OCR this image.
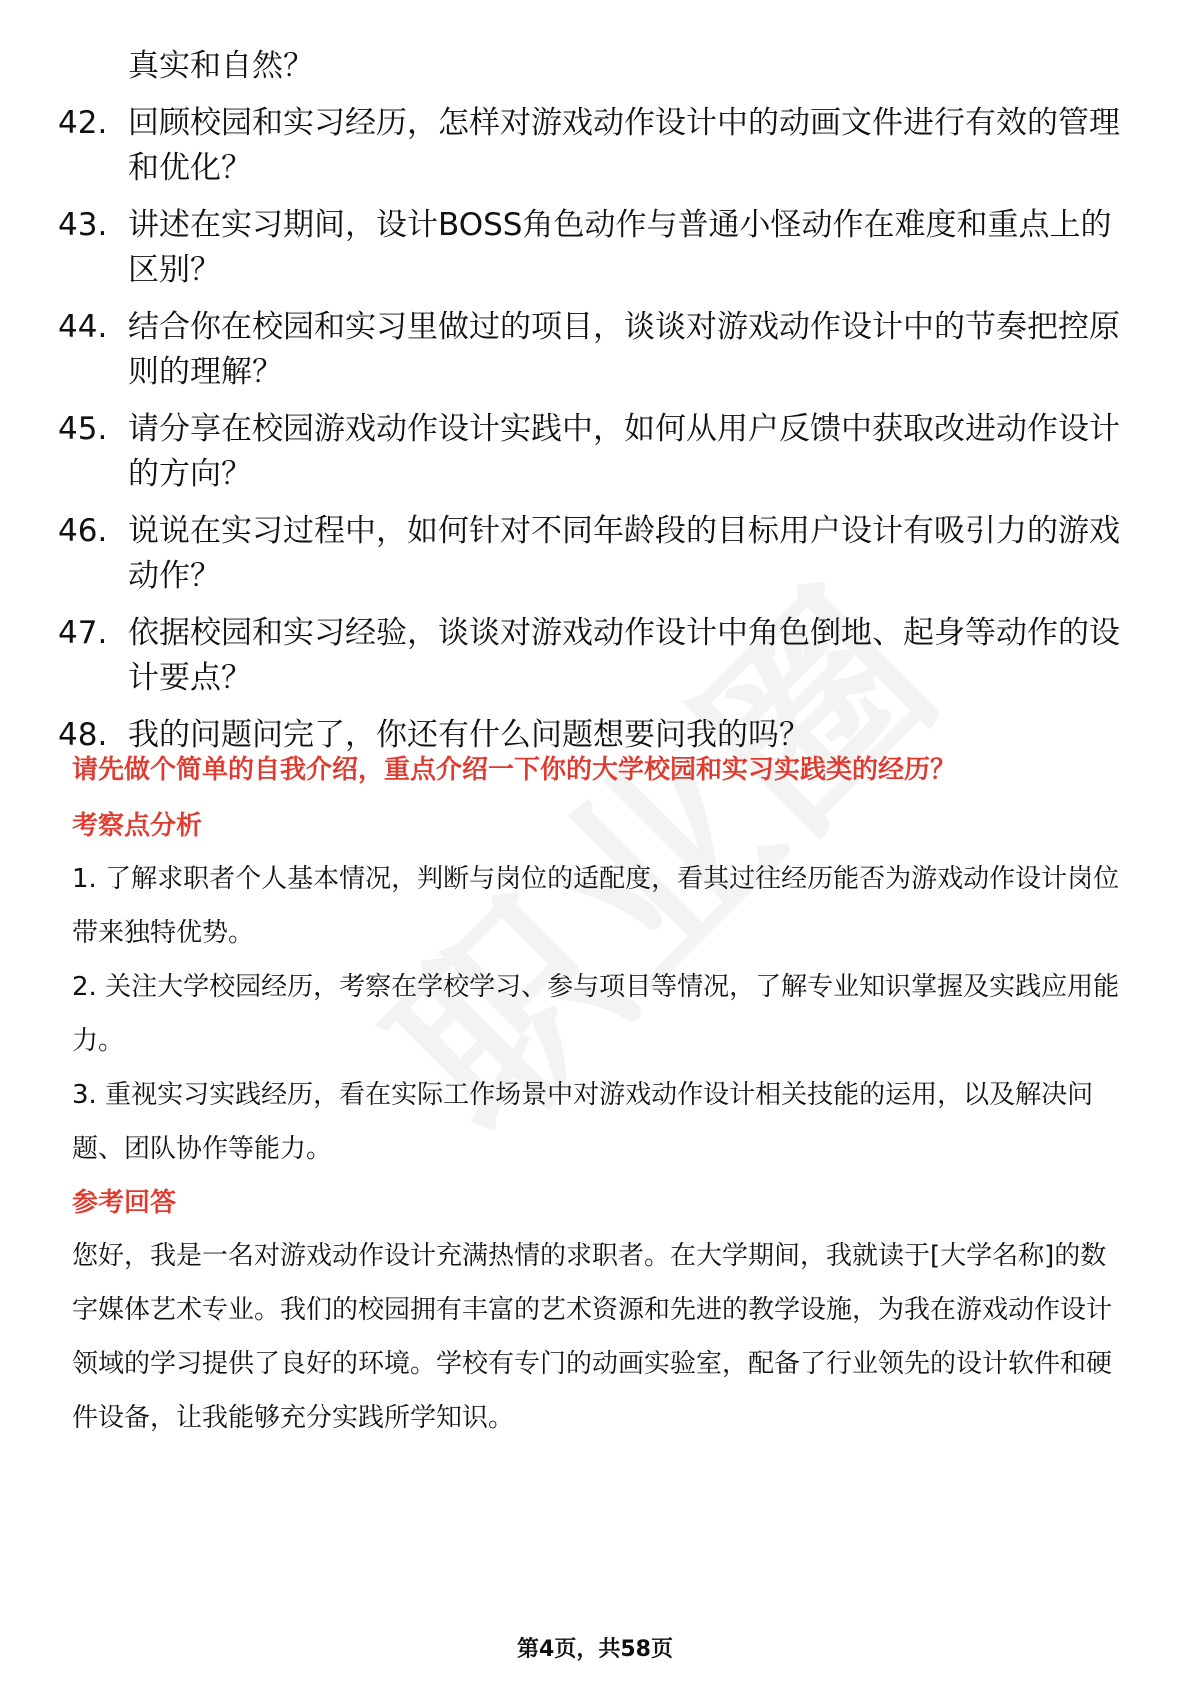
真实和自然？
42. 回顾校园和实习经历，怎样对游戏动作设计中的动画文件进行有效的管理和优化？
43. 讲述在实习期间，设计BOSS角色动作与普通小怪动作在难度和重点上的区别？
44. 结合你在校园和实习里做过的项目，谈谈对游戏动作设计中的节奏把控原则的理解？
45. 请分享在校园游戏动作设计实践中，如何从用户反馈中获取改进动作设计的方向？
46. 说说在实习过程中，如何针对不同年龄段的目标用户设计有吸引力的游戏动作？
47. 依据校园和实习经验，谈谈对游戏动作设计中角色倒地、起身等动作的设计要点？
48. 我的问题问完了，你还有什么问题想要问我的吗？
请先做个简单的自我介绍，重点介绍一下你的大学校园和实习实践类的经历？
考察点分析
1. 了解求职者个人基本情况，判断与岗位的适配度，看其过往经历能否为游戏动作设计岗位带来独特优势。
2. 关注大学校园经历，考察在学校学习、参与项目等情况，了解专业知识掌握及实践应用能力。
3. 重视实习实践经历，看在实际工作场景中对游戏动作设计相关技能的运用，以及解决问题、团队协作等能力。
参考回答
您好，我是一名对游戏动作设计充满热情的求职者。在大学期间，我就读于[大学名称]的数字媒体艺术专业。我们的校园拥有丰富的艺术资源和先进的教学设施，为我在游戏动作设计领域的学习提供了良好的环境。学校有专门的动画实验室，配备了行业领先的设计软件和硬件设备，让我能够充分实践所学知识。
第4页，共58页
